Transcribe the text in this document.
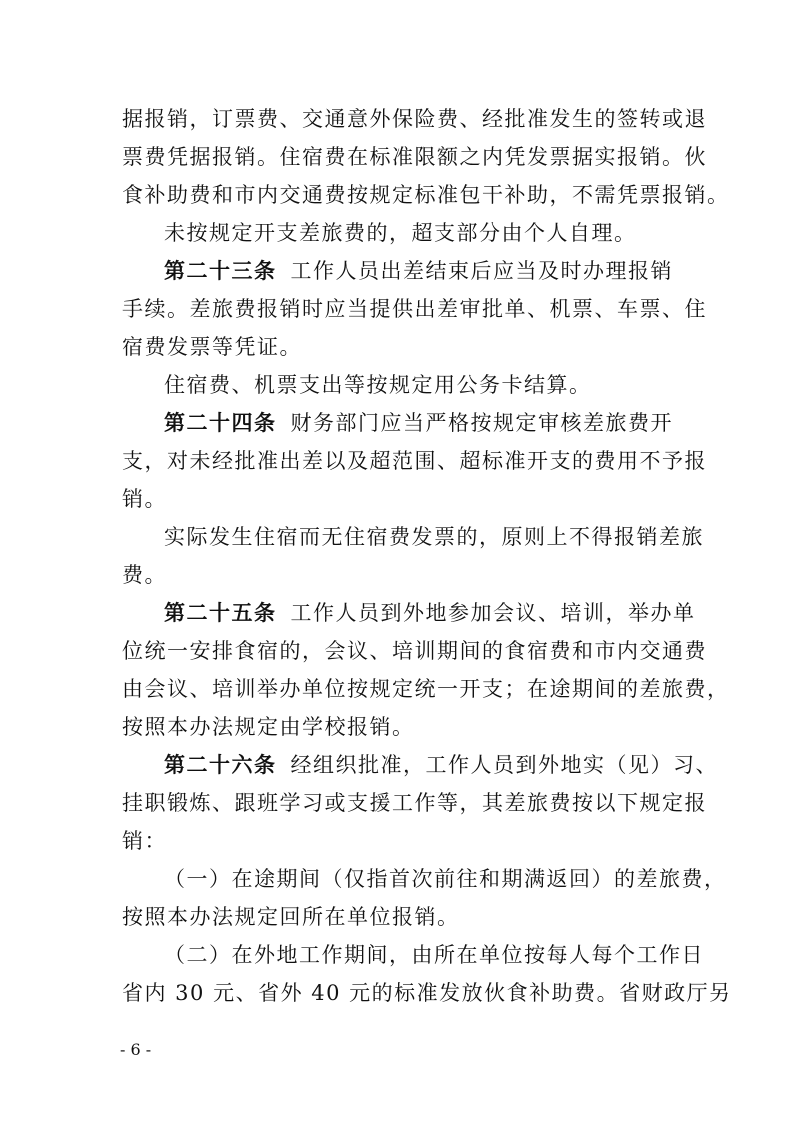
据报销，订票费、交通意外保险费、经批准发生的签转或退
票费凭据报销。住宿费在标准限额之内凭发票据实报销。伙
食补助费和市内交通费按规定标准包干补助，不需凭票报销。
未按规定开支差旅费的，超支部分由个人自理。
第二十三条 工作人员出差结束后应当及时办理报销
手续。差旅费报销时应当提供出差审批单、机票、车票、住
宿费发票等凭证。
住宿费、机票支出等按规定用公务卡结算。
第二十四条 财务部门应当严格按规定审核差旅费开
支，对未经批准出差以及超范围、超标准开支的费用不予报
销。
实际发生住宿而无住宿费发票的，原则上不得报销差旅
费。
第二十五条 工作人员到外地参加会议、培训，举办单
位统一安排食宿的，会议、培训期间的食宿费和市内交通费
由会议、培训举办单位按规定统一开支；在途期间的差旅费，
按照本办法规定由学校报销。
第二十六条 经组织批准，工作人员到外地实（见）习、
挂职锻炼、跟班学习或支援工作等，其差旅费按以下规定报
销：
（一）在途期间（仅指首次前往和期满返回）的差旅费，
按照本办法规定回所在单位报销。
（二）在外地工作期间，由所在单位按每人每个工作日
省内 30 元、省外 40 元的标准发放伙食补助费。省财政厅另
- 6 -
